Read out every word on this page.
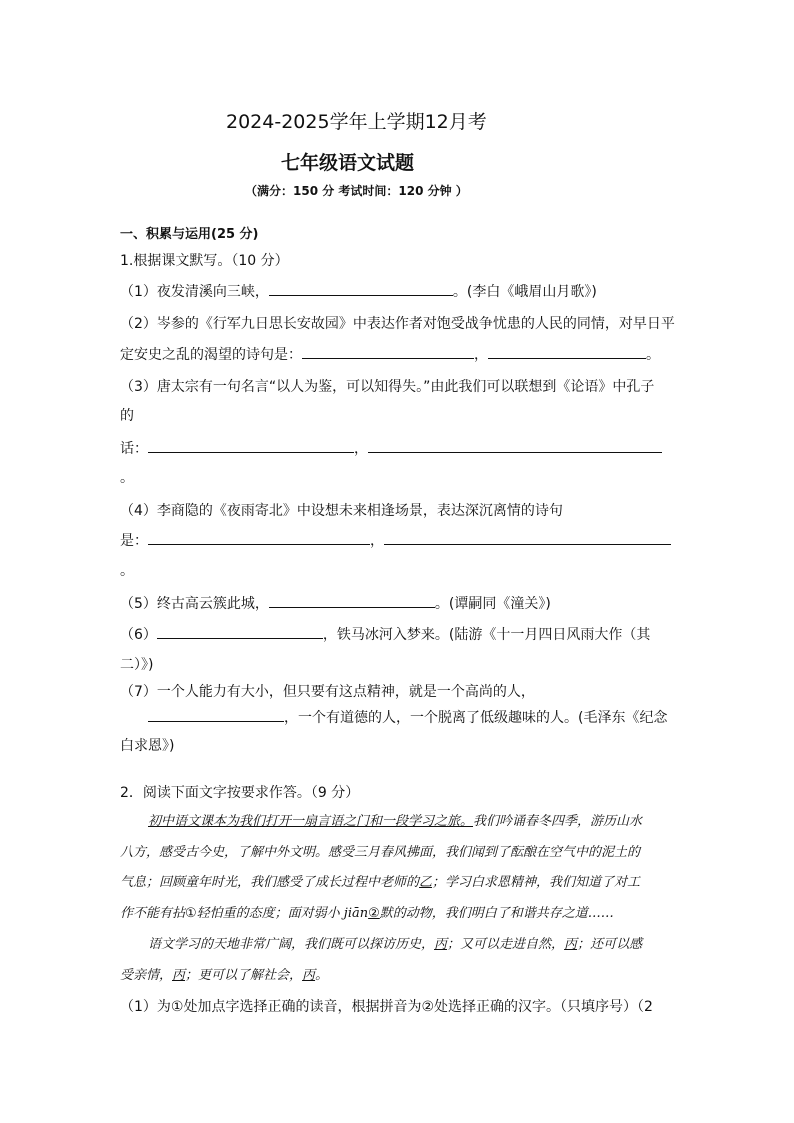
2024-2025学年上学期12月考
七年级语文试题
（满分：150 分 考试时间：120 分钟 ）
一、积累与运用(25 分)
1.根据课文默写。（10 分）
（1）夜发清溪向三峡，	。(李白《峨眉山月歌》)
（2）岑参的《行军九日思长安故园》中表达作者对饱受战争忧患的人民的同情，对早日平
定安史之乱的渴望的诗句是：	，	。
（3）唐太宗有一句名言“以人为鉴，可以知得失。”由此我们可以联想到《论语》中孔子
的
话：	，
。
（4）李商隐的《夜雨寄北》中设想未来相逢场景，表达深沉离情的诗句
是：	，
。
（5）终古高云簇此城，	。(谭嗣同《潼关》)
（6）	，铁马冰河入梦来。(陆游《十一月四日风雨大作（其
二）》)
（7）一个人能力有大小，但只要有这点精神，就是一个高尚的人，
，一个有道德的人，一个脱离了低级趣味的人。(毛泽东《纪念
白求恩》)
2．阅读下面文字按要求作答。（9 分）
初中语文课本为我们打开一扇言语之门和一段学习之旅。我们吟诵春冬四季，游历山水
八方，感受古今史，了解中外文明。感受三月春风拂面，我们闻到了酝酿在空气中的泥土的
气息；回顾童年时光，我们感受了成长过程中老师的乙；学习白求恩精神，我们知道了对工
作不能有拈①轻怕重的态度；面对弱小 jiān②默的动物，我们明白了和谐共存之道……
语文学习的天地非常广阔，我们既可以探访历史，丙；又可以走进自然，丙；还可以感
受亲情，丙；更可以了解社会，丙。
（1）为①处加点字选择正确的读音，根据拼音为②处选择正确的汉字。（只填序号）（2
